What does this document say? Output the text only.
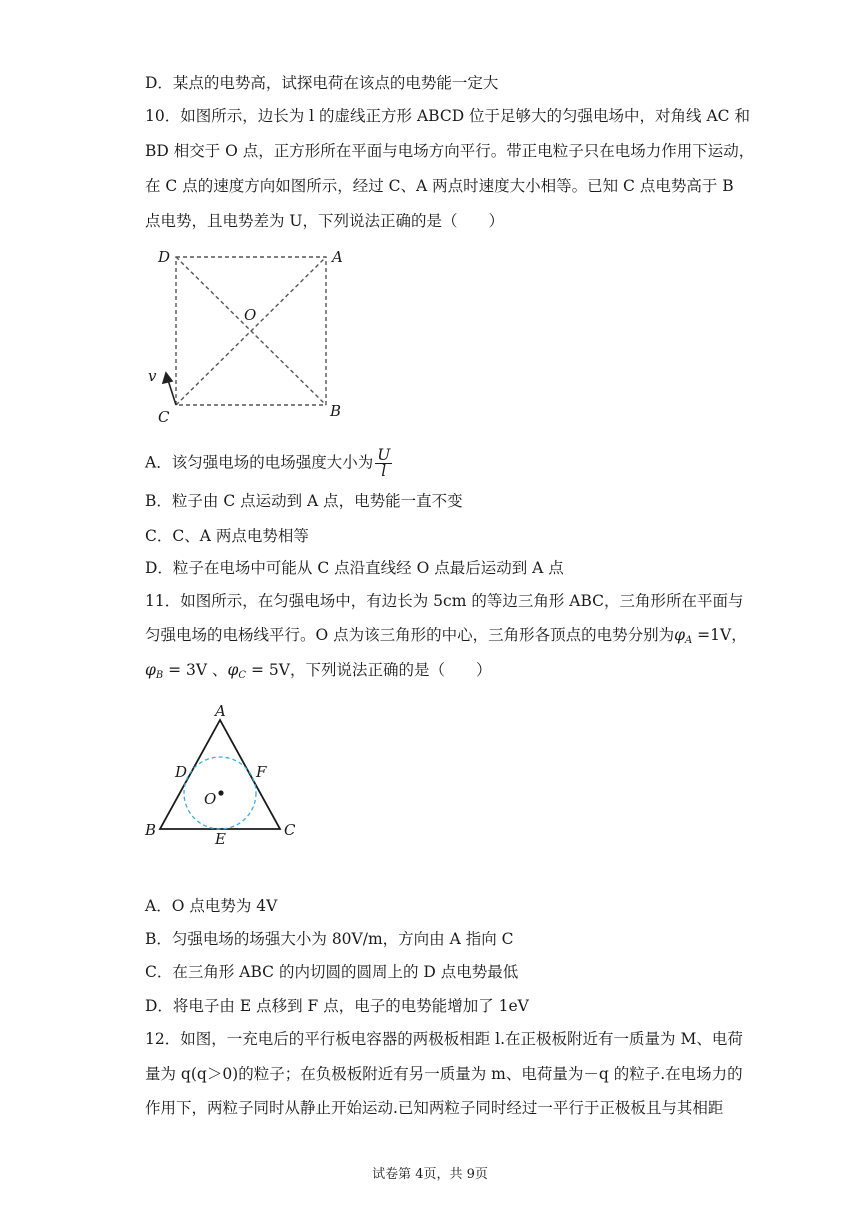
D．某点的电势高，试探电荷在该点的电势能一定大
10．如图所示，边长为 l 的虚线正方形 ABCD 位于足够大的匀强电场中，对角线 AC 和
BD 相交于 O 点，正方形所在平面与电场方向平行。带正电粒子只在电场力作用下运动，
在 C 点的速度方向如图所示，经过 C、A 两点时速度大小相等。已知 C 点电势高于 B
点电势，且电势差为 U，下列说法正确的是（　　）
D	A
O
v
C	B
A．该匀强电场的电场强度大小为 $\frac{U}{l}$
B．粒子由 C 点运动到 A 点，电势能一直不变
C．C、A 两点电势相等
D．粒子在电场中可能从 C 点沿直线经 O 点最后运动到 A 点
11．如图所示，在匀强电场中，有边长为 5cm 的等边三角形 ABC，三角形所在平面与
匀强电场的电杨线平行。O 点为该三角形的中心，三角形各顶点的电势分别为$\varphi_A =1V$，
$\varphi_B = 3V$ 、$\varphi_C = 5V$，下列说法正确的是（　　）
A
D	F
O
B	E	C
A．O 点电势为 4V
B．匀强电场的场强大小为 80V/m，方向由 A 指向 C
C．在三角形 ABC 的内切圆的圆周上的 D 点电势最低
D．将电子由 E 点移到 F 点，电子的电势能增加了 1eV
12．如图，一充电后的平行板电容器的两极板相距 l.在正极板附近有一质量为 M、电荷
量为 q(q＞0)的粒子；在负极板附近有另一质量为 m、电荷量为－q 的粒子.在电场力的
作用下，两粒子同时从静止开始运动.已知两粒子同时经过一平行于正极板且与其相距
试卷第 4页，共 9页
